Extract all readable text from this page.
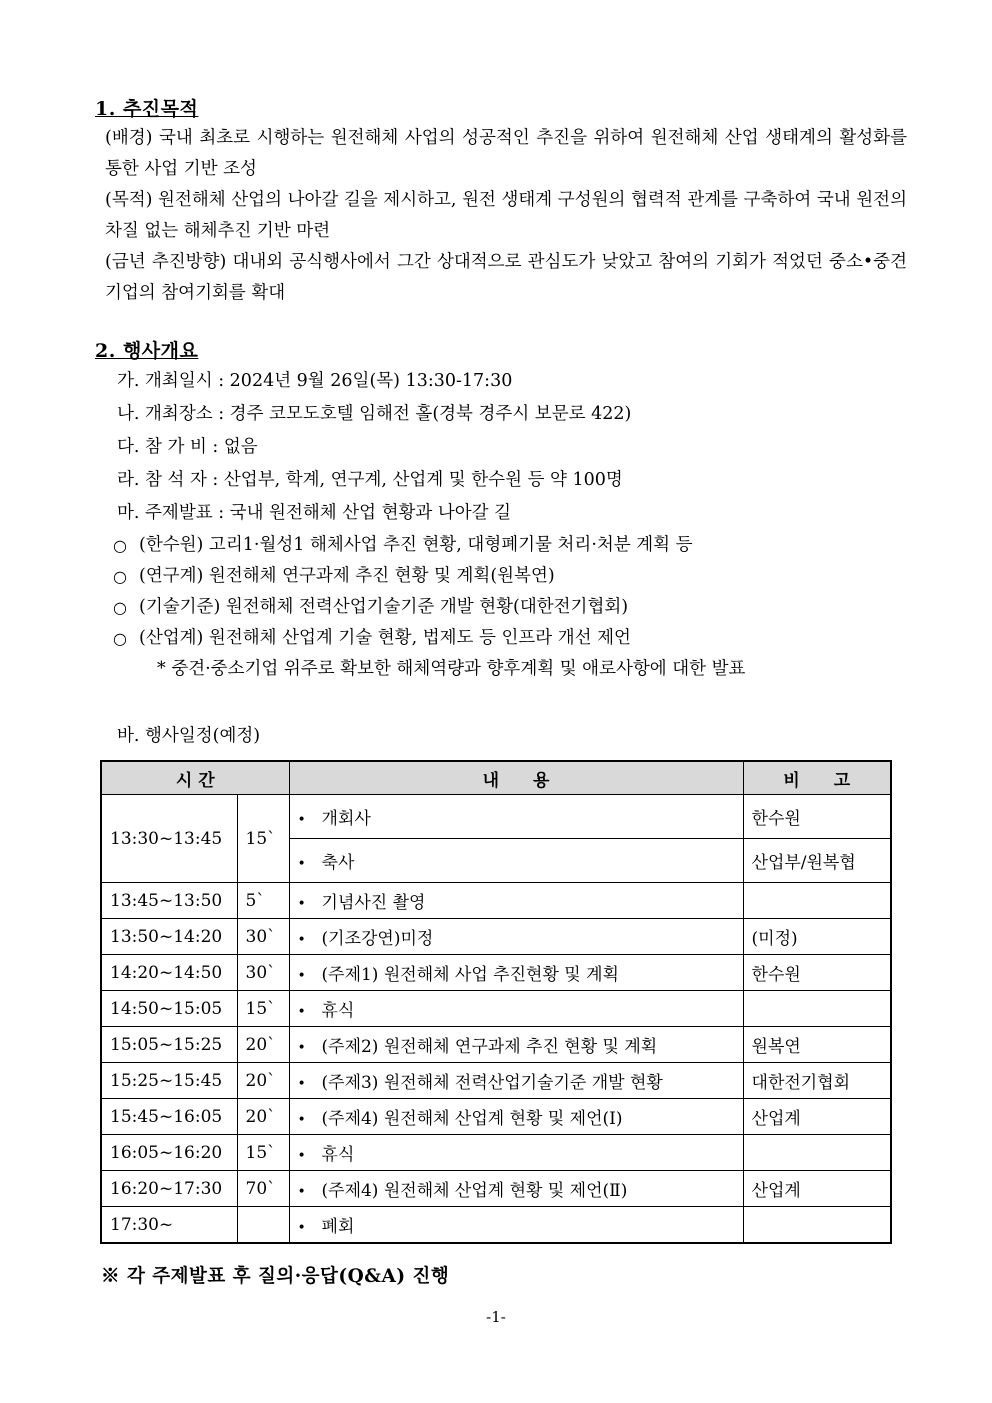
1. 추진목적

(배경) 국내 최초로 시행하는 원전해체 사업의 성공적인 추진을 위하여 원전해체 산업 생태계의 활성화를 통한 사업 기반 조성

(목적) 원전해체 산업의 나아갈 길을 제시하고, 원전 생태계 구성원의 협력적 관계를 구축하여 국내 원전의 차질 없는 해체추진 기반 마련

(금년 추진방향) 대내외 공식행사에서 그간 상대적으로 관심도가 낮았고 참여의 기회가 적었던 중소•중견기업의 참여기회를 확대

2. 행사개요
가. 개최일시 : 2024년 9월 26일(목) 13:30-17:30
나. 개최장소 : 경주 코모도호텔 임해전 홀(경북 경주시 보문로 422)
다. 참 가 비 : 없음
라. 참 석 자 : 산업부, 학계, 연구계, 산업계 및 한수원 등 약 100명
마. 주제발표 : 국내 원전해체 산업 현황과 나아갈 길
○ (한수원) 고리1·월성1 해체사업 추진 현황, 대형폐기물 처리·처분 계획 등
○ (연구계) 원전해체 연구과제 추진 현황 및 계획(원복연)
○ (기술기준) 원전해체 전력산업기술기준 개발 현황(대한전기협회)
○ (산업계) 원전해체 산업계 기술 현황, 법제도 등 인프라 개선 제언
* 중견·중소기업 위주로 확보한 해체역량과 향후계획 및 애로사항에 대한 발표
바. 행사일정(예정)
시 간		내　　용	비　　고
13:30~13:45	15`	• 개회사	한수원
		• 축사	산업부/원복협
13:45~13:50	5`	• 기념사진 촬영	
13:50~14:20	30`	• (기조강연)미정	(미정)
14:20~14:50	30`	• (주제1) 원전해체 사업 추진현황 및 계획	한수원
14:50~15:05	15`	• 휴식	
15:05~15:25	20`	• (주제2) 원전해체 연구과제 추진 현황 및 계획	원복연
15:25~15:45	20`	• (주제3) 원전해체 전력산업기술기준 개발 현황	대한전기협회
15:45~16:05	20`	• (주제4) 원전해체 산업계 현황 및 제언(Ⅰ)	산업계
16:05~16:20	15`	• 휴식	
16:20~17:30	70`	• (주제4) 원전해체 산업계 현황 및 제언(Ⅱ)	산업계
17:30~		• 폐회	
※ 각 주제발표 후 질의·응답(Q&A) 진행
-1-
